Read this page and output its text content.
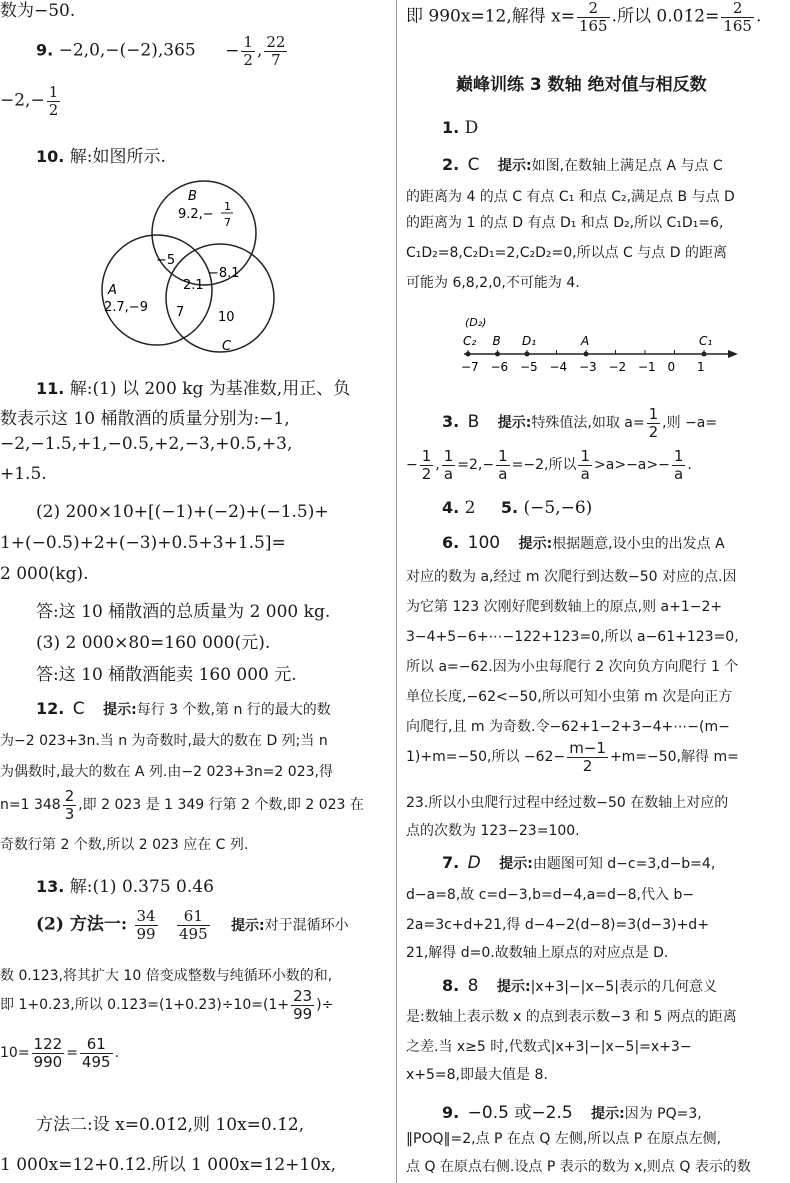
数为−50.
9. $-2,0,-(-2),365 - \frac{1}{2}$ , $\frac{22}{7}$
$-2,- \frac{1}{2}$
10. 解:如图所示.
B
9.2,−
1
7
−5
−8.1
2.1
A
2.7,−9 7	10
C
11. 解:(1) 以 200 kg 为基准数,用正、负
数表示这 10 桶散酒的质量分别为:−1,
−2,−1.5,+1,−0.5,+2,−3,+0.5,+3,
+1.5.
(2) 200×10+[(−1)+(−2)+(−1.5)+
1+(−0.5)+2+(−3)+0.5+3+1.5]=
2 000(kg).
答:这 10 桶散酒的总质量为 2 000 kg.
(3) 2 000×80=160 000(元).
答:这 10 桶散酒能卖 160 000 元.
12. C 提示:每行 3 个数,第 n 行的最大的数
为−2 023+3n.当 n 为奇数时,最大的数在 D 列;当 n
为偶数时,最大的数在 A 列.由−2 023+3n=2 023,得
n=1 $348 \frac{2}{3}$ ,即 2 023 是 1 349 行第 2 个数,即 2 023 在
奇数行第 2 个数,所以 2 023 应在 C 列.
13. 解:(1) 0.375 0.46̇
(2) 方法一: $\frac{34}{99}$
$\frac{61}{495}$ 提示:对于混循环小
数 0.12̇3̇,将其扩大 10 倍变成整数与纯循环小数的和,
即 1+0.2̇3̇,所以 0.12̇3̇=(1+0.2̇3̇)÷10=(1+ $\frac{23}{99}$ )÷
$10= \frac{122}{990} = \frac{61}{495}$ .
方法二:设 x=0.01̇2̇,则 10x=0.1̇2̇,
1 000x=12+0.1̇2̇.所以 1 000x=12+10x,
即 990x=12,解得 $x= \frac{2}{165}$ .所以 0.01̇2̇= $\frac{2}{165}$ .
巅峰训练 3 数轴 绝对值与相反数
1. D
2. C 提示:如图,在数轴上满足点 A 与点 C
的距离为 4 的点 C 有点 C₁ 和点 C₂,满足点 B 与点 D
的距离为 1 的点 D 有点 D₁ 和点 D₂,所以 C₁D₁=6,
C₁D₂=8,C₂D₁=2,C₂D₂=0,所以点 C 与点 D 的距离
可能为 6,8,2,0,不可能为 4.
−7 −6 −5 −4 −3 −2 −1 0 1
C₂ B D₁	A	C₁
(D₂)
3. B 提示:特殊值法,如取 $a= \frac{1}{2}$ ,则 −a=
− $\frac{1}{2}$ , $\frac{1}{a} =2,- \frac{1}{a} =-2$,所以 $\frac{1}{a} >a>-a>- \frac{1}{a}$ .
4. 2 5. (−5,−6)
6. 100 提示:根据题意,设小虫的出发点 A
对应的数为 a,经过 m 次爬行到达数−50 对应的点.因
为它第 123 次刚好爬到数轴上的原点,则 a+1−2+
3−4+5−6+⋯−122+123=0,所以 a−61+123=0,
所以 a=−62.因为小虫每爬行 2 次向负方向爬行 1 个
单位长度,−62<−50,所以可知小虫第 m 次是向正方
向爬行,且 m 为奇数.令−62+1−2+3−4+⋯−(m−
1)+m=−50,所以 $-62- \frac{m-1}{2} +m=-50$,解得 m=
23.所以小虫爬行过程中经过数−50 在数轴上对应的
点的次数为 123−23=100.
7. D 提示:由题图可知 d−c=3,d−b=4,
d−a=8,故 c=d−3,b=d−4,a=d−8,代入 b−
2a=3c+d+21,得 d−4−2(d−8)=3(d−3)+d+
21,解得 d=0.故数轴上原点的对应点是 D.
8. 8 提示:|x+3|−|x−5|表示的几何意义
是:数轴上表示数 x 的点到表示数−3 和 5 两点的距离
之差.当 x≥5 时,代数式|x+3|−|x−5|=x+3−
x+5=8,即最大值是 8.
9. −0.5 或−2.5 提示:因为 PQ=3,
‖POQ‖=2,点 P 在点 Q 左侧,所以点 P 在原点左侧,
点 Q 在原点右侧.设点 P 表示的数为 x,则点 Q 表示的数
